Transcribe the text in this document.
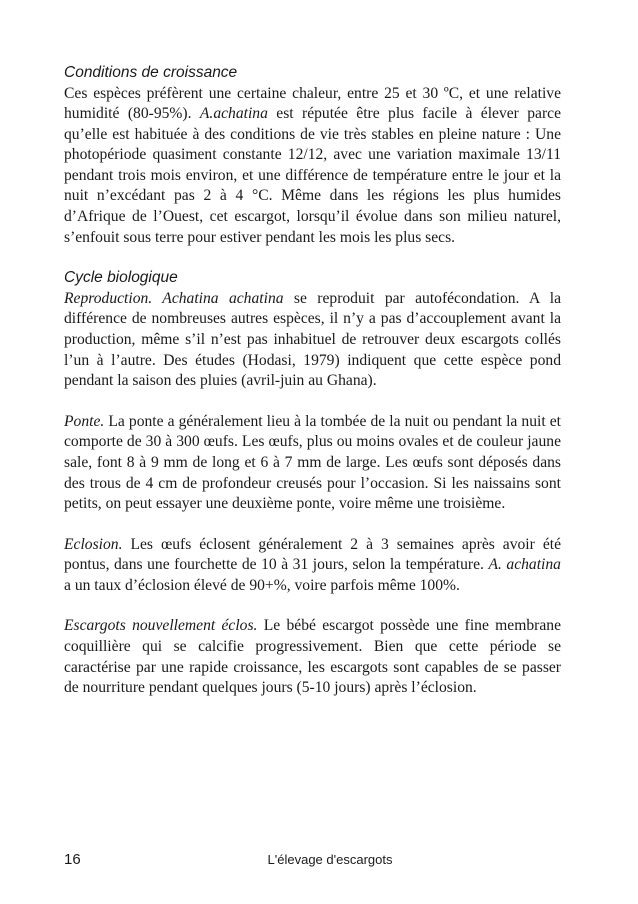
Conditions de croissance

Ces espèces préfèrent une certaine chaleur, entre 25 et 30 ºC, et une relative humidité (80-95%). A.achatina est réputée être plus facile à élever parce qu’elle est habituée à des conditions de vie très stables en pleine nature : Une photopériode quasiment constante 12/12, avec une variation maximale 13/11 pendant trois mois environ, et une différence de température entre le jour et la nuit n’excédant pas 2 à 4 °C. Même dans les régions les plus humides d’Afrique de l’Ouest, cet escargot, lorsqu’il évolue dans son milieu naturel, s’enfouit sous terre pour estiver pendant les mois les plus secs.

Cycle biologique

Reproduction. Achatina achatina se reproduit par autofécondation. A la différence de nombreuses autres espèces, il n’y a pas d’accouplement avant la production, même s’il n’est pas inhabituel de retrouver deux escargots collés l’un à l’autre. Des études (Hodasi, 1979) indiquent que cette espèce pond pendant la saison des pluies (avril-juin au Ghana).

Ponte. La ponte a généralement lieu à la tombée de la nuit ou pendant la nuit et comporte de 30 à 300 œufs. Les œufs, plus ou moins ovales et de couleur jaune sale, font 8 à 9 mm de long et 6 à 7 mm de large. Les œufs sont déposés dans des trous de 4 cm de profondeur creusés pour l’occasion. Si les naissains sont petits, on peut essayer une deuxième ponte, voire même une troisième.

Eclosion. Les œufs éclosent généralement 2 à 3 semaines après avoir été pontus, dans une fourchette de 10 à 31 jours, selon la température. A. achatina a un taux d’éclosion élevé de 90+%, voire parfois même 100%.

Escargots nouvellement éclos. Le bébé escargot possède une fine membrane coquillière qui se calcifie progressivement. Bien que cette période se caractérise par une rapide croissance, les escargots sont capables de se passer de nourriture pendant quelques jours (5-10 jours) après l’éclosion.

16	L'élevage d'escargots
